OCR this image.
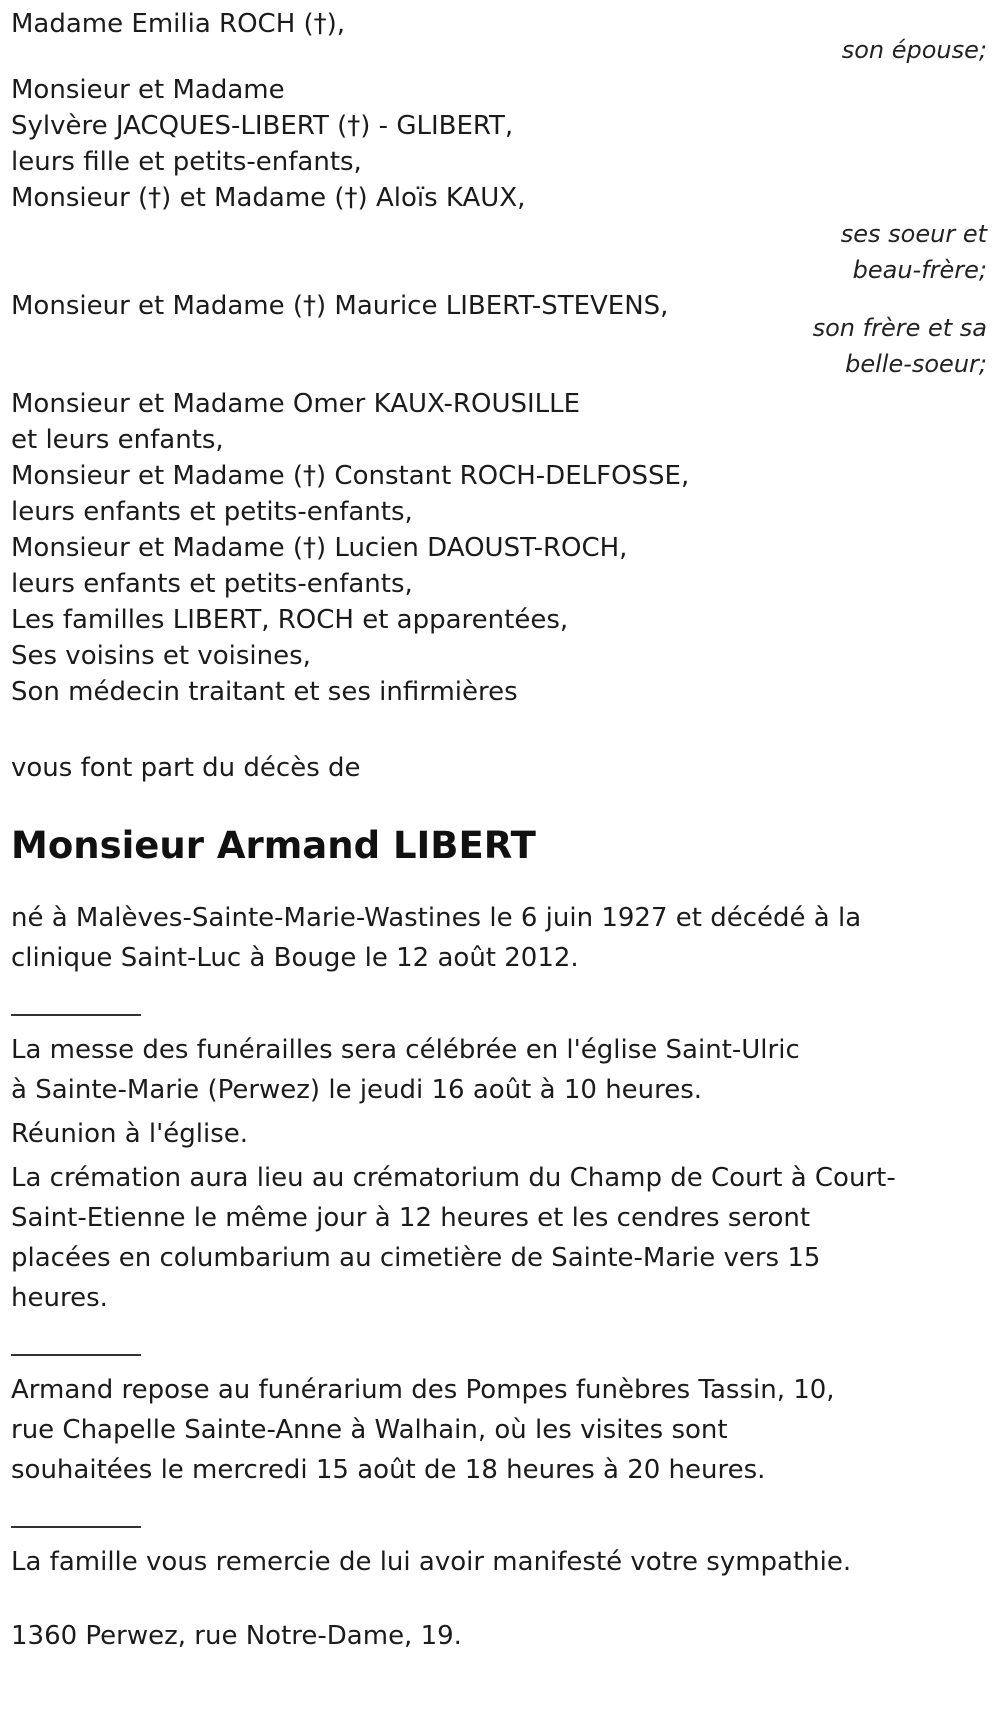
Madame Emilia ROCH (†),
son épouse;
Monsieur et Madame
Sylvère JACQUES-LIBERT (†) - GLIBERT,
leurs fille et petits-enfants,
Monsieur (†) et Madame (†) Aloïs KAUX,
ses soeur et
beau-frère;
Monsieur et Madame (†) Maurice LIBERT-STEVENS,
son frère et sa
belle-soeur;
Monsieur et Madame Omer KAUX-ROUSILLE
et leurs enfants,
Monsieur et Madame (†) Constant ROCH-DELFOSSE,
leurs enfants et petits-enfants,
Monsieur et Madame (†) Lucien DAOUST-ROCH,
leurs enfants et petits-enfants,
Les familles LIBERT, ROCH et apparentées,
Ses voisins et voisines,
Son médecin traitant et ses infirmières
vous font part du décès de
Monsieur Armand LIBERT

né à Malèves-Sainte-Marie-Wastines le 6 juin 1927 et décédé à la clinique Saint-Luc à Bouge le 12 août 2012.

La messe des funérailles sera célébrée en l'église Saint-Ulric à Sainte-Marie (Perwez) le jeudi 16 août à 10 heures.

Réunion à l'église.

La crémation aura lieu au crématorium du Champ de Court à Court-Saint-Etienne le même jour à 12 heures et les cendres seront placées en columbarium au cimetière de Sainte-Marie vers 15 heures.

Armand repose au funérarium des Pompes funèbres Tassin, 10, rue Chapelle Sainte-Anne à Walhain, où les visites sont souhaitées le mercredi 15 août de 18 heures à 20 heures.

La famille vous remercie de lui avoir manifesté votre sympathie.

1360 Perwez, rue Notre-Dame, 19.
